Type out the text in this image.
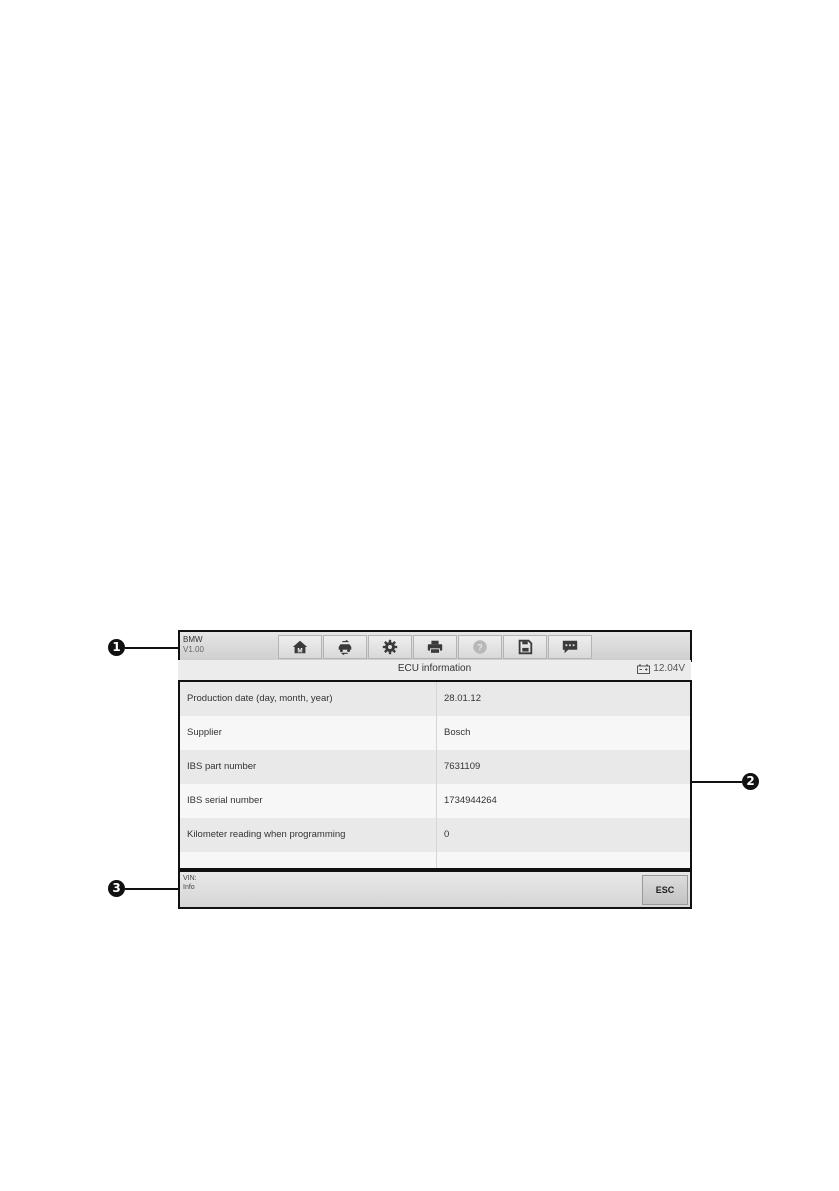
1
2
3
BMW
V1.00	M	?
ECU information	12.04V
Production date (day, month, year)	28.01.12
Supplier	Bosch
IBS part number	7631109
IBS serial number	1734944264
Kilometer reading when programming	0
VIN:
Info	ESC
